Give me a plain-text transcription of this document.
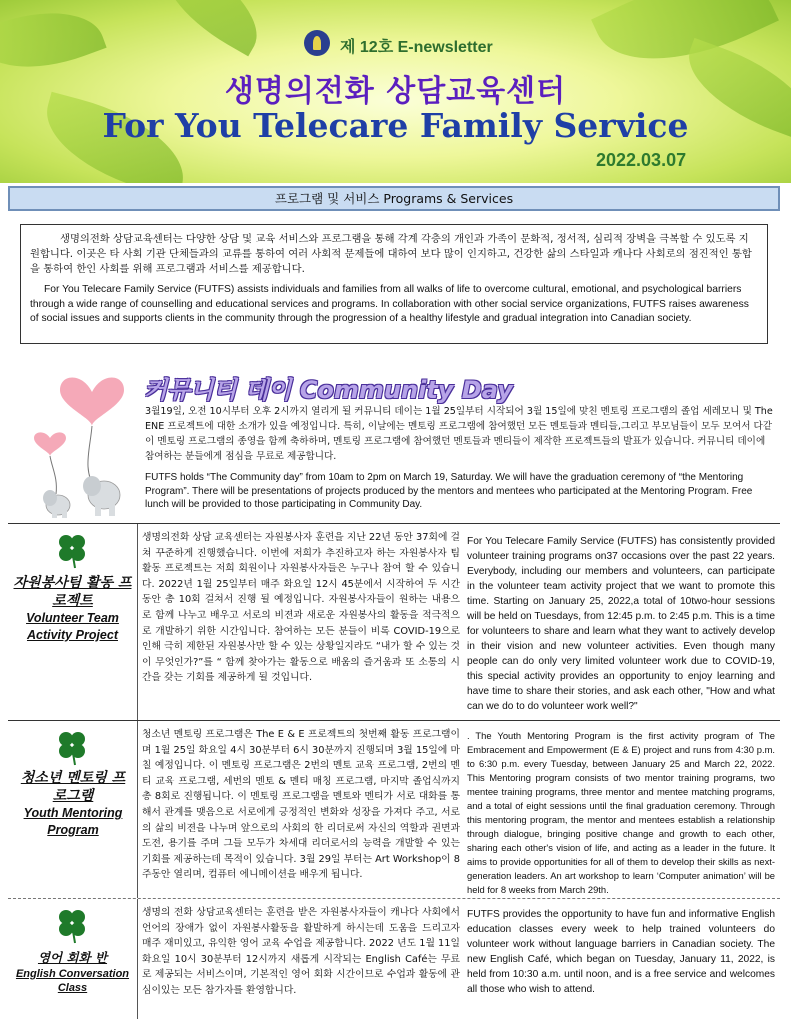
제 12호 E-newsletter
생명의전화 상담교육센터
For You Telecare Family Service
2022.03.07
프로그램 및 서비스 Programs & Services

생명의전화 상담교육센터는 다양한 상담 및 교육 서비스와 프로그램을 통해 각계 각층의 개인과 가족이 문화적, 정서적, 심리적 장벽을 극복할 수 있도록 지원합니다. 이곳은 타 사회 기관 단체들과의 교류를 통하여 여러 사회적 문제들에 대하여 보다 많이 인지하고, 건강한 삶의 스타일과 캐나다 사회로의 점진적인 통합을 통하여 한인 사회를 위해 프로그램과 서비스를 제공합니다.

For You Telecare Family Service (FUTFS) assists individuals and families from all walks of life to overcome cultural, emotional, and psychological barriers through a wide range of counselling and educational services and programs. In collaboration with other social service organizations, FUTFS raises awareness of social issues and supports clients in the community through the progression of a healthy lifestyle and gradual integration into Canadian society.

커뮤니티 데이 Community Day

3월19일, 오전 10시부터 오후 2시까지 열리게 될 커뮤니티 데이는 1월 25일부터 시작되어 3월 15일에 맞친 멘토링 프로그램의 졸업 세레모니 및 The ENE 프로젝트에 대한 소개가 있을 예정입니다. 특히, 이날에는 멘토링 프로그램에 참여했던 모든 멘토들과 멘티들,그리고 부모님들이 모두 모여서 다같이 멘토링 프로그램의 종영을 함께 축하하며, 멘토링 프로그램에 참여했던 멘토들과 멘티들이 제작한 프로젝트들의 발표가 있습니다. 커뮤니티 데이에 참여하는 분들에게 점심을 무료로 제공합니다.

FUTFS holds “The Community day” from 10am to 2pm on March 19, Saturday. We will have the graduation ceremony of “the Mentoring Program”. There will be presentations of projects produced by the mentors and mentees who participated at the Mentoring Program. Free lunch will be provided to those participating in Community Day.

자원봉사팀 활동 프로젝트
Volunteer Team Activity Project
생명의전화 상담 교육센터는 자원봉사자 훈련을 지난 22년 동안 37회에 걸쳐 꾸준하게 진행했습니다. 이번에 저희가 추진하고자 하는 자원봉사자 팀 활동 프로젝트는 저희 회원이나 자원봉사자들은 누구나 참여 할 수 있습니다. 2022년 1월 25일부터 매주 화요일 12시 45분에서 시작하여 두 시간동안 총 10회 걸쳐서 진행 될 예정입니다. 자원봉사자들이 원하는 내용으로 함께 나누고 배우고 서로의 비젼과 새로운 자원봉사의 활동을 적극적으로 개발하기 위한 시간입니다. 참여하는 모든 분들이 비록 COVID-19으로 인해 극히 제한된 자원봉사만 할 수 있는 상황일지라도 “내가 할 수 있는 것이 무엇인가?”를 “ 함께 찾아가는 활동으로 배움의 즐거움과 또 소통의 시간을 갖는 기회를 제공하게 될 것입니다.
For You Telecare Family Service (FUTFS) has consistently provided volunteer training programs on37 occasions over the past 22 years. Everybody, including our members and volunteers, can participate in the volunteer team activity project that we want to promote this time. Starting on January 25, 2022,a total of 10two-hour sessions will be held on Tuesdays, from 12:45 p.m. to 2:45 p.m. This is a time for volunteers to share and learn what they want to actively develop in their vision and new volunteer activities. Even though many people can do only very limited volunteer work due to COVID-19, this special activity provides an opportunity to enjoy learning and have time to share their stories, and ask each other, "How and what can we do to do volunteer work well?"
청소년 멘토링 프로그램
Youth Mentoring Program
청소년 멘토링 프로그램은 The E & E 프로젝트의 첫번째 활동 프로그램이며 1월 25일 화요일 4시 30분부터 6시 30분까지 진행되며 3월 15일에 마칠 예정입니다. 이 멘토링 프로그램은 2번의 멘토 교육 프로그램, 2번의 멘티 교육 프로그램, 세번의 멘토 & 멘티 매칭 프로그램, 마지막 졸업식까지 총 8회로 진행됩니다. 이 멘토링 프로그램을 멘토와 멘티가 서로 대화를 통해서 관계를 맺음으로 서로에게 긍정적인 변화와 성장을 가져다 주고, 서로의 삶의 비젼을 나누며 앞으로의 사회의 한 리더로써 자신의 역할과 권면과 도전, 용기를 주며 그들 모두가 차세대 리더로서의 능력을 개발할 수 있는 기회를 제공하는데 목적이 있습니다. 3월 29일 부터는 Art Workshop이 8주동안 열리며, 컴퓨터 에니메이션을 배우게 됩니다.
. The Youth Mentoring Program is the first activity program of The Embracement and Empowerment (E & E) project and runs from 4:30 p.m. to 6:30 p.m. every Tuesday, between January 25 and March 22, 2022. This Mentoring program consists of two mentor training programs, two mentee training programs, three mentor and mentee matching programs, and a total of eight sessions until the final graduation ceremony. Through this mentoring program, the mentor and mentees establish a relationship through dialogue, bringing positive change and growth to each other, sharing each other's vision of life, and acting as a leader in the future. It aims to provide opportunities for all of them to develop their skills as next-generation leaders. An art workshop to learn ‘Computer animation’ will be held for 8 weeks from March 29th.
영어 회화 반
English Conversation Class
생명의 전화 상담교육센터는 훈련을 받은 자원봉사자들이 캐나다 사회에서 언어의 장애가 없이 자원봉사활동을 활발하게 하시는데 도움을 드리고자 매주 재미있고, 유익한 영어 교육 수업을 제공합니다. 2022 년도 1월 11일 화요일 10시 30분부터 12시까지 새롭게 시작되는 English Café는 무료로 제공되는 서비스이며, 기본적인 영어 회화 시간이므로 수업과 활동에 관심이있는 모든 참가자를 환영합니다.
FUTFS provides the opportunity to have fun and informative English education classes every week to help trained volunteers do volunteer work without language barriers in Canadian society. The new English Café, which began on Tuesday, January 11, 2022, is held from 10:30 a.m. until noon, and is a free service and welcomes all those who wish to attend.
